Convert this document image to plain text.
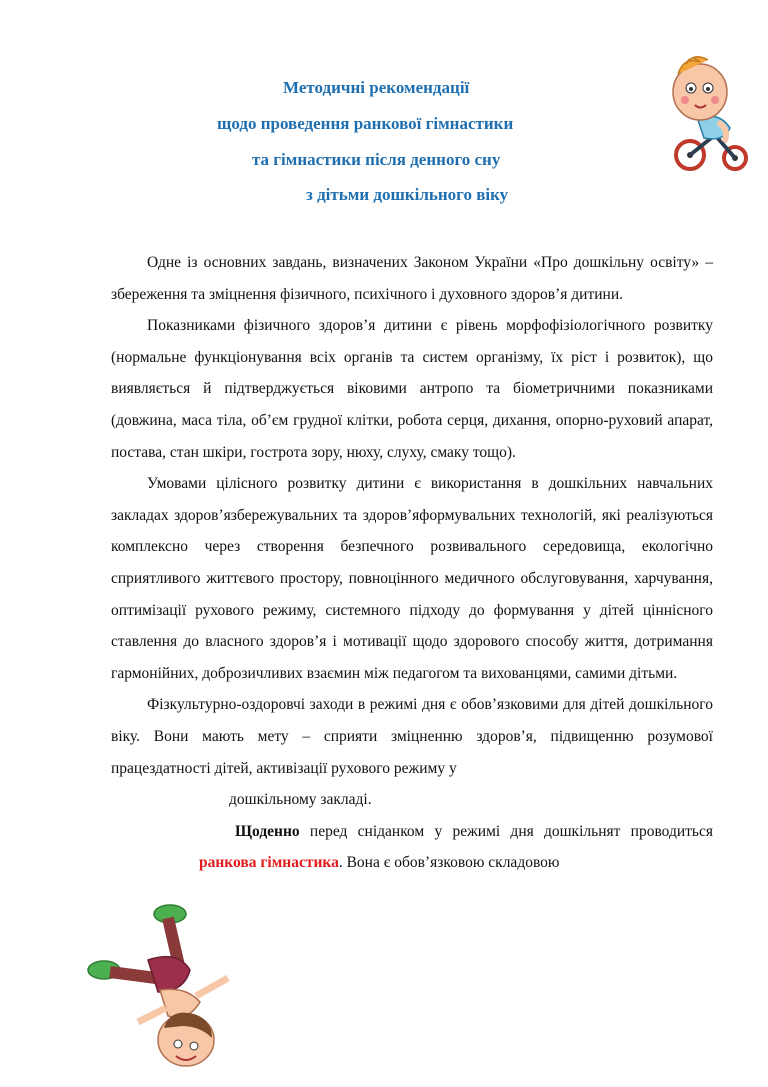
Методичні рекомендації
щодо проведення ранкової гімнастики
та гімнастики після денного сну
з дітьми дошкільного віку

Одне із основних завдань, визначених Законом України «Про дошкільну освіту» – збереження та зміцнення фізичного, психічного і духовного здоров’я дитини.

Показниками фізичного здоров’я дитини є рівень морфофізіологічного розвитку (нормальне функціонування всіх органів та систем організму, їх ріст і розвиток), що виявляється й підтверджується віковими антропо та біометричними показниками (довжина, маса тіла, об’єм грудної клітки, робота серця, дихання, опорно-руховий апарат, постава, стан шкіри, гострота зору, нюху, слуху, смаку тощо).

Умовами цілісного розвитку дитини є використання в дошкільних навчальних закладах здоров’язбережувальних та здоров’яформувальних технологій, які реалізуються комплексно через створення безпечного розвивального середовища, екологічно сприятливого життєвого простору, повноцінного медичного обслуговування, харчування, оптимізації рухового режиму, системного підходу до формування у дітей ціннісного ставлення до власного здоров’я і мотивації щодо здорового способу життя, дотримання гармонійних, доброзичливих взаємин між педагогом та вихованцями, самими дітьми.

Фізкультурно-оздоровчі заходи в режимі дня є обов’язковими для дітей дошкільного віку. Вони мають мету – сприяти зміцненню здоров’я, підвищенню розумової працездатності дітей, активізації рухового режиму у

дошкільному закладі.

Щоденно перед сніданком у режимі дня дошкільнят проводиться ранкова гімнастика. Вона є обов’язковою складовою
